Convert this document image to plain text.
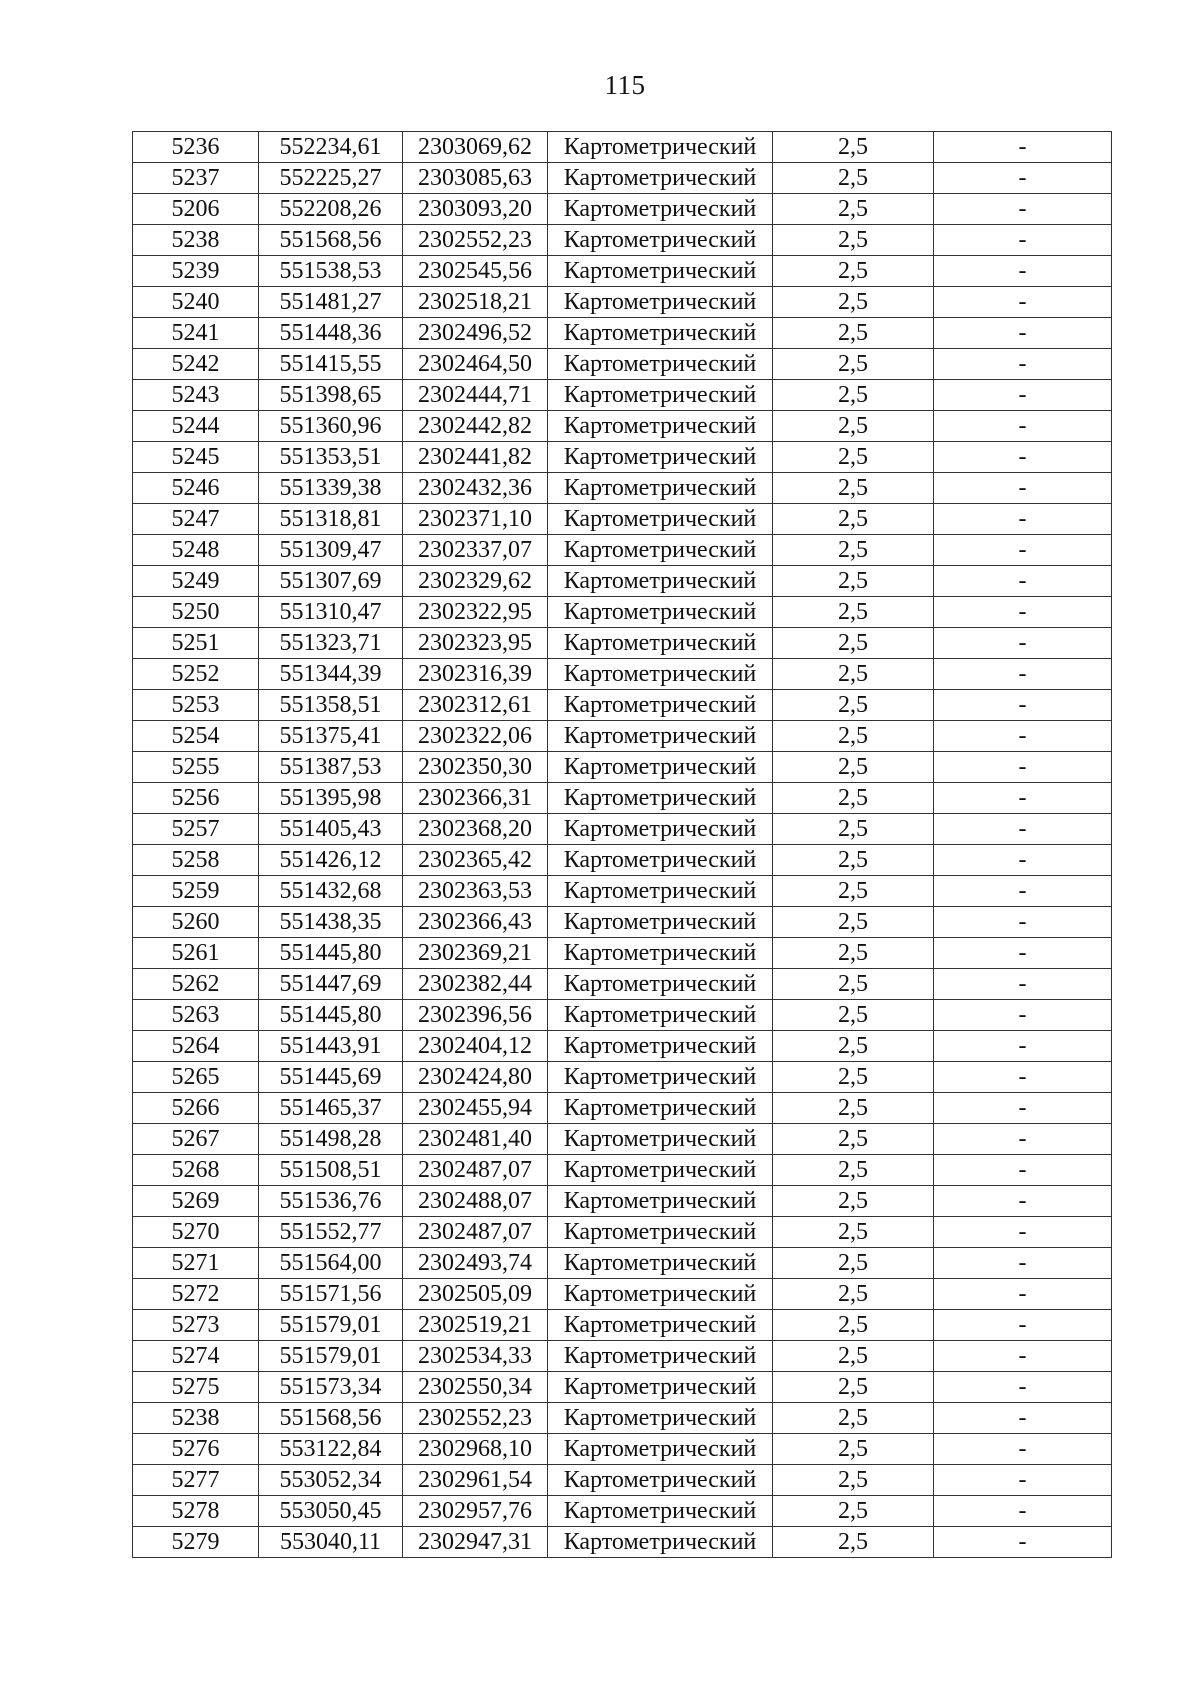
115
5236	552234,61	2303069,62	Картометрический	2,5	-
5237	552225,27	2303085,63	Картометрический	2,5	-
5206	552208,26	2303093,20	Картометрический	2,5	-
5238	551568,56	2302552,23	Картометрический	2,5	-
5239	551538,53	2302545,56	Картометрический	2,5	-
5240	551481,27	2302518,21	Картометрический	2,5	-
5241	551448,36	2302496,52	Картометрический	2,5	-
5242	551415,55	2302464,50	Картометрический	2,5	-
5243	551398,65	2302444,71	Картометрический	2,5	-
5244	551360,96	2302442,82	Картометрический	2,5	-
5245	551353,51	2302441,82	Картометрический	2,5	-
5246	551339,38	2302432,36	Картометрический	2,5	-
5247	551318,81	2302371,10	Картометрический	2,5	-
5248	551309,47	2302337,07	Картометрический	2,5	-
5249	551307,69	2302329,62	Картометрический	2,5	-
5250	551310,47	2302322,95	Картометрический	2,5	-
5251	551323,71	2302323,95	Картометрический	2,5	-
5252	551344,39	2302316,39	Картометрический	2,5	-
5253	551358,51	2302312,61	Картометрический	2,5	-
5254	551375,41	2302322,06	Картометрический	2,5	-
5255	551387,53	2302350,30	Картометрический	2,5	-
5256	551395,98	2302366,31	Картометрический	2,5	-
5257	551405,43	2302368,20	Картометрический	2,5	-
5258	551426,12	2302365,42	Картометрический	2,5	-
5259	551432,68	2302363,53	Картометрический	2,5	-
5260	551438,35	2302366,43	Картометрический	2,5	-
5261	551445,80	2302369,21	Картометрический	2,5	-
5262	551447,69	2302382,44	Картометрический	2,5	-
5263	551445,80	2302396,56	Картометрический	2,5	-
5264	551443,91	2302404,12	Картометрический	2,5	-
5265	551445,69	2302424,80	Картометрический	2,5	-
5266	551465,37	2302455,94	Картометрический	2,5	-
5267	551498,28	2302481,40	Картометрический	2,5	-
5268	551508,51	2302487,07	Картометрический	2,5	-
5269	551536,76	2302488,07	Картометрический	2,5	-
5270	551552,77	2302487,07	Картометрический	2,5	-
5271	551564,00	2302493,74	Картометрический	2,5	-
5272	551571,56	2302505,09	Картометрический	2,5	-
5273	551579,01	2302519,21	Картометрический	2,5	-
5274	551579,01	2302534,33	Картометрический	2,5	-
5275	551573,34	2302550,34	Картометрический	2,5	-
5238	551568,56	2302552,23	Картометрический	2,5	-
5276	553122,84	2302968,10	Картометрический	2,5	-
5277	553052,34	2302961,54	Картометрический	2,5	-
5278	553050,45	2302957,76	Картометрический	2,5	-
5279	553040,11	2302947,31	Картометрический	2,5	-
